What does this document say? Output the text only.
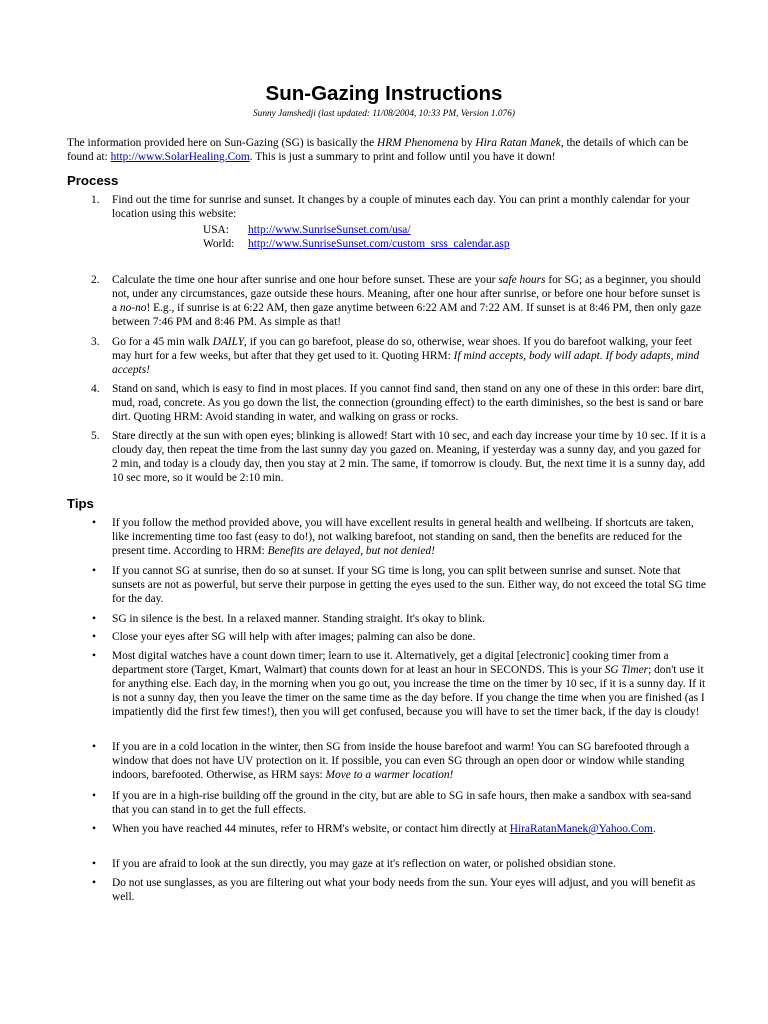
Sun-Gazing Instructions
Sunny Jamshedji (last updated: 11/08/2004, 10:33 PM, Version 1.076)
The information provided here on Sun-Gazing (SG) is basically the HRM Phenomena by Hira Ratan Manek, the details of which can be found at: http://www.SolarHealing.Com. This is just a summary to print and follow until you have it down!
Process
1. Find out the time for sunrise and sunset. It changes by a couple of minutes each day. You can print a monthly calendar for your location using this website:
USA:	http://www.SunriseSunset.com/usa/
World:	http://www.SunriseSunset.com/custom_srss_calendar.asp
2. Calculate the time one hour after sunrise and one hour before sunset. These are your safe hours for SG; as a beginner, you should not, under any circumstances, gaze outside these hours. Meaning, after one hour after sunrise, or before one hour before sunset is a no-no! E.g., if sunrise is at 6:22 AM, then gaze anytime between 6:22 AM and 7:22 AM. If sunset is at 8:46 PM, then only gaze between 7:46 PM and 8:46 PM. As simple as that!
3. Go for a 45 min walk DAILY, if you can go barefoot, please do so, otherwise, wear shoes. If you do barefoot walking, your feet may hurt for a few weeks, but after that they get used to it. Quoting HRM: If mind accepts, body will adapt. If body adapts, mind accepts!
4. Stand on sand, which is easy to find in most places. If you cannot find sand, then stand on any one of these in this order: bare dirt, mud, road, concrete. As you go down the list, the connection (grounding effect) to the earth diminishes, so the best is sand or bare dirt. Quoting HRM: Avoid standing in water, and walking on grass or rocks.
5. Stare directly at the sun with open eyes; blinking is allowed! Start with 10 sec, and each day increase your time by 10 sec. If it is a cloudy day, then repeat the time from the last sunny day you gazed on. Meaning, if yesterday was a sunny day, and you gazed for 2 min, and today is a cloudy day, then you stay at 2 min. The same, if tomorrow is cloudy. But, the next time it is a sunny day, add 10 sec more, so it would be 2:10 min.
Tips
• If you follow the method provided above, you will have excellent results in general health and wellbeing. If shortcuts are taken, like incrementing time too fast (easy to do!), not walking barefoot, not standing on sand, then the benefits are reduced for the present time. According to HRM: Benefits are delayed, but not denied!
• If you cannot SG at sunrise, then do so at sunset. If your SG time is long, you can split between sunrise and sunset. Note that sunsets are not as powerful, but serve their purpose in getting the eyes used to the sun. Either way, do not exceed the total SG time for the day.
• SG in silence is the best. In a relaxed manner. Standing straight. It's okay to blink.
• Close your eyes after SG will help with after images; palming can also be done.
• Most digital watches have a count down timer; learn to use it. Alternatively, get a digital [electronic] cooking timer from a department store (Target, Kmart, Walmart) that counts down for at least an hour in SECONDS. This is your SG Timer; don't use it for anything else. Each day, in the morning when you go out, you increase the time on the timer by 10 sec, if it is a sunny day. If it is not a sunny day, then you leave the timer on the same time as the day before. If you change the time when you are finished (as I impatiently did the first few times!), then you will get confused, because you will have to set the timer back, if the day is cloudy!
• If you are in a cold location in the winter, then SG from inside the house barefoot and warm! You can SG barefooted through a window that does not have UV protection on it. If possible, you can even SG through an open door or window while standing indoors, barefooted. Otherwise, as HRM says: Move to a warmer location!
• If you are in a high-rise building off the ground in the city, but are able to SG in safe hours, then make a sandbox with sea-sand that you can stand in to get the full effects.
• When you have reached 44 minutes, refer to HRM's website, or contact him directly at HiraRatanManek@Yahoo.Com.
• If you are afraid to look at the sun directly, you may gaze at it's reflection on water, or polished obsidian stone.
• Do not use sunglasses, as you are filtering out what your body needs from the sun. Your eyes will adjust, and you will benefit as well.
